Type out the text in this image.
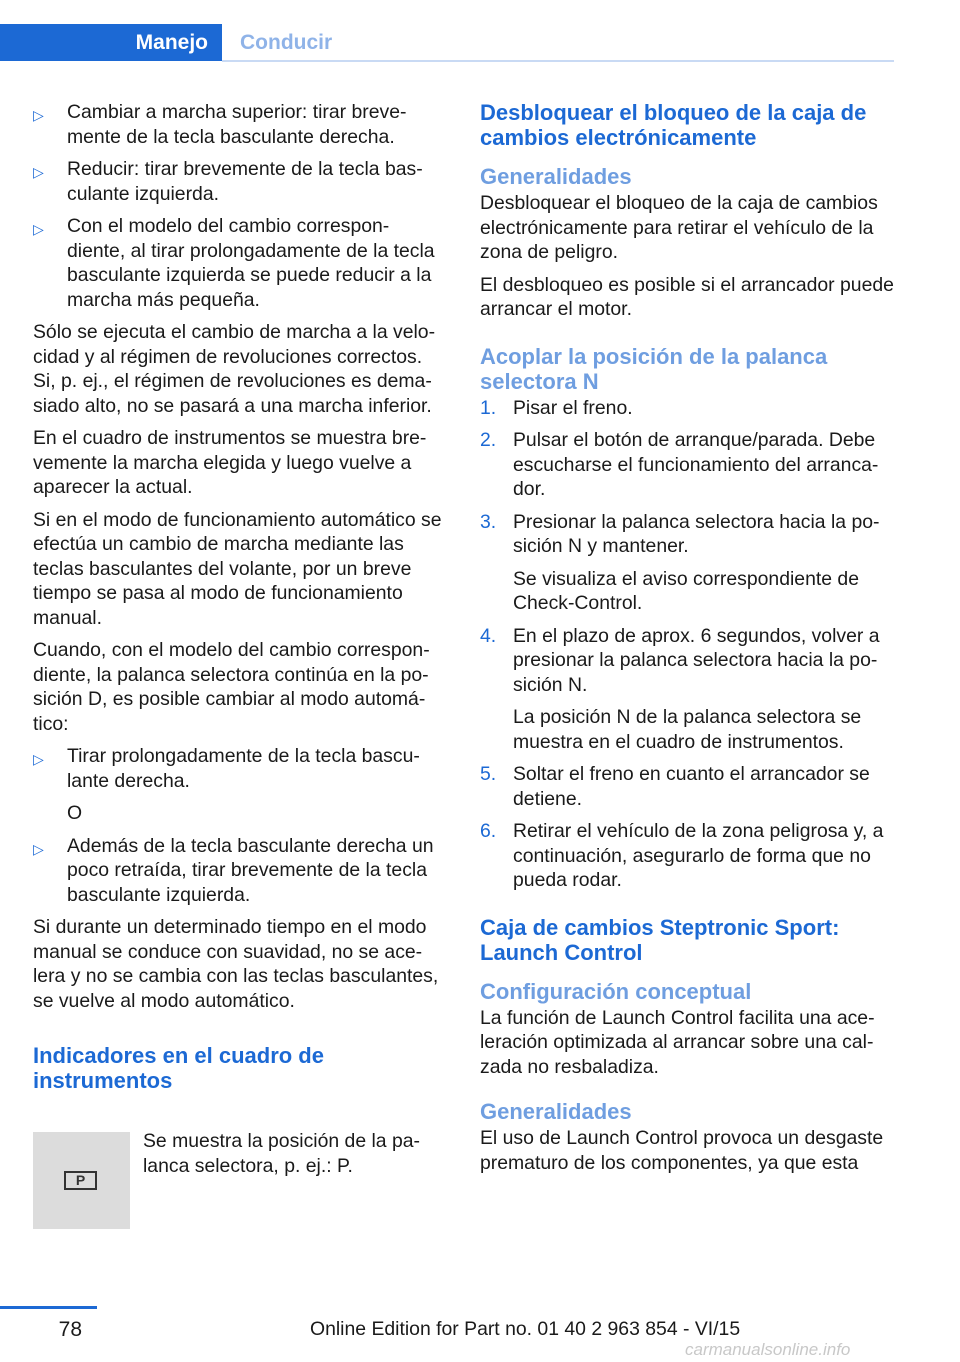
Manejo	Conducir
▷	Cambiar a marcha superior: tirar breve-mente de la tecla basculante derecha.
▷	Reducir: tirar brevemente de la tecla bas-culante izquierda.
▷	Con el modelo del cambio correspon-diente, al tirar prolongadamente de la tecla basculante izquierda se puede reducir a la marcha más pequeña.

Sólo se ejecuta el cambio de marcha a la velo-cidad y al régimen de revoluciones correctos. Si, p. ej., el régimen de revoluciones es dema-siado alto, no se pasará a una marcha inferior.

En el cuadro de instrumentos se muestra bre-vemente la marcha elegida y luego vuelve a aparecer la actual.

Si en el modo de funcionamiento automático se efectúa un cambio de marcha mediante las teclas basculantes del volante, por un breve tiempo se pasa al modo de funcionamiento manual.

Cuando, con el modelo del cambio correspon-diente, la palanca selectora continúa en la po-sición D, es posible cambiar al modo automá-tico:

▷	Tirar prolongadamente de la tecla bascu-lante derecha.

O

▷	Además de la tecla basculante derecha un poco retraída, tirar brevemente de la tecla basculante izquierda.

Si durante un determinado tiempo en el modo manual se conduce con suavidad, no se ace-lera y no se cambia con las teclas basculantes, se vuelve al modo automático.

Indicadores en el cuadro de instrumentos
P
Se muestra la posición de la pa-lanca selectora, p. ej.: P.
Desbloquear el bloqueo de la caja de cambios electrónicamente
Generalidades

Desbloquear el bloqueo de la caja de cambios electrónicamente para retirar el vehículo de la zona de peligro.

El desbloqueo es posible si el arrancador puede arrancar el motor.

Acoplar la posición de la palanca selectora N
1. Pisar el freno.
2. Pulsar el botón de arranque/parada. Debe escucharse el funcionamiento del arranca-dor.
3. Presionar la palanca selectora hacia la po-sición N y mantener.

Se visualiza el aviso correspondiente de Check-Control.

4. En el plazo de aprox. 6 segundos, volver a presionar la palanca selectora hacia la po-sición N.

La posición N de la palanca selectora se muestra en el cuadro de instrumentos.

5. Soltar el freno en cuanto el arrancador se detiene.
6. Retirar el vehículo de la zona peligrosa y, a continuación, asegurarlo de forma que no pueda rodar.
Caja de cambios Steptronic Sport: Launch Control
Configuración conceptual

La función de Launch Control facilita una ace-leración optimizada al arrancar sobre una cal-zada no resbaladiza.

Generalidades

El uso de Launch Control provoca un desgaste prematuro de los componentes, ya que esta

78	Online Edition for Part no. 01 40 2 963 854 - VI/15
carmanualsonline.info
